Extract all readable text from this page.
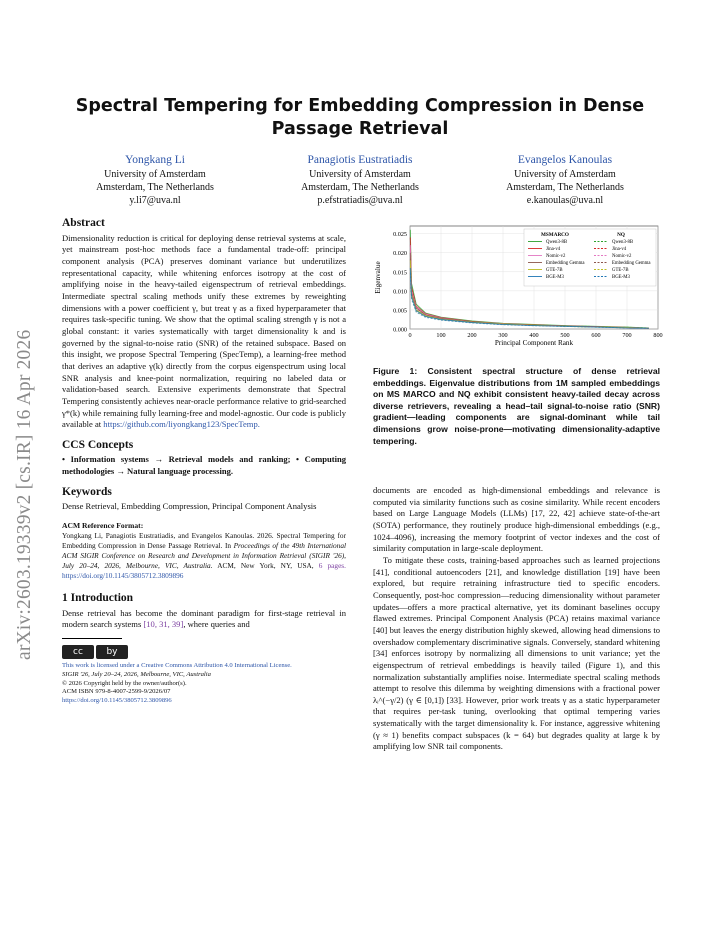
arXiv:2603.19339v2 [cs.IR] 16 Apr 2026
Spectral Tempering for Embedding Compression in Dense Passage Retrieval
Yongkang Li
University of Amsterdam
Amsterdam, The Netherlands
y.li7@uva.nl
Panagiotis Eustratiadis
University of Amsterdam
Amsterdam, The Netherlands
p.efstratiadis@uva.nl
Evangelos Kanoulas
University of Amsterdam
Amsterdam, The Netherlands
e.kanoulas@uva.nl
Abstract

Dimensionality reduction is critical for deploying dense retrieval systems at scale, yet mainstream post-hoc methods face a fundamental trade-off: principal component analysis (PCA) preserves dominant variance but underutilizes representational capacity, while whitening enforces isotropy at the cost of amplifying noise in the heavy-tailed eigenspectrum of retrieval embeddings. Intermediate spectral scaling methods unify these extremes by reweighting dimensions with a power coefficient γ, but treat γ as a fixed hyperparameter that requires task-specific tuning. We show that the optimal scaling strength γ is not a global constant: it varies systematically with target dimensionality k and is governed by the signal-to-noise ratio (SNR) of the retained subspace. Based on this insight, we propose Spectral Tempering (SpecTemp), a learning-free method that derives an adaptive γ(k) directly from the corpus eigenspectrum using local SNR analysis and knee-point normalization, requiring no labeled data or validation-based search. Extensive experiments demonstrate that Spectral Tempering consistently achieves near-oracle performance relative to grid-searched γ*(k) while remaining fully learning-free and model-agnostic. Our code is publicly available at https://github.com/liyongkang123/SpecTemp.

CCS Concepts

• Information systems → Retrieval models and ranking; • Computing methodologies → Natural language processing.

Keywords

Dense Retrieval, Embedding Compression, Principal Component Analysis

ACM Reference Format:
Yongkang Li, Panagiotis Eustratiadis, and Evangelos Kanoulas. 2026. Spectral Tempering for Embedding Compression in Dense Passage Retrieval. In Proceedings of the 49th International ACM SIGIR Conference on Research and Development in Information Retrieval (SIGIR '26), July 20–24, 2026, Melbourne, VIC, Australia. ACM, New York, NY, USA, 6 pages. https://doi.org/10.1145/3805712.3809896
1 Introduction

Dense retrieval has become the dominant paradigm for first-stage retrieval in modern search systems [10, 31, 39], where queries and

cc	by
This work is licensed under a Creative Commons Attribution 4.0 International License.
SIGIR '26, July 20–24, 2026, Melbourne, VIC, Australia
© 2026 Copyright held by the owner/author(s).
ACM ISBN 979-8-4007-2599-9/2026/07
https://doi.org/10.1145/3805712.3809896
0.000
0.005
0.010
0.015
0.020
0.025
0	100	200	300	400	500	600	700	800
Principal Component Rank
Eigenvalue
MSMARCO
Qwen3-8B
Jina-v4
Nomic-v2
Embedding Gemma
GTE-7B
BGE-M3
NQ
Qwen3-8B
Jina-v4
Nomic-v2
Embedding Gemma
GTE-7B
BGE-M3
Figure 1: Consistent spectral structure of dense retrieval embeddings. Eigenvalue distributions from 1M sampled embeddings on MS MARCO and NQ exhibit consistent heavy-tailed decay across diverse retrievers, revealing a head–tail signal-to-noise ratio (SNR) gradient—leading components are signal-dominant while tail dimensions grow noise-prone—motivating dimensionality-adaptive tempering.

documents are encoded as high-dimensional embeddings and relevance is computed via similarity functions such as cosine similarity. While recent encoders based on Large Language Models (LLMs) [17, 22, 42] achieve state-of-the-art (SOTA) performance, they routinely produce high-dimensional embeddings (e.g., 1024–4096), increasing the memory footprint of vector indexes and the cost of similarity computation in large-scale deployment.

To mitigate these costs, training-based approaches such as learned projections [41], conditional autoencoders [21], and knowledge distillation [19] have been explored, but require retraining infrastructure tied to specific encoders. Consequently, post-hoc compression—reducing dimensionality without parameter updates—offers a more practical alternative, yet its dominant baselines occupy flawed extremes. Principal Component Analysis (PCA) retains maximal variance [40] but leaves the energy distribution highly skewed, allowing head dimensions to overshadow complementary discriminative signals. Conversely, standard whitening [34] enforces isotropy by normalizing all dimensions to unit variance; yet the eigenspectrum of retrieval embeddings is heavily tailed (Figure 1), and this normalization substantially amplifies noise. Intermediate spectral scaling methods attempt to resolve this dilemma by weighting dimensions with a fractional power λᵢ^(−γ/2) (γ ∈ [0,1]) [33]. However, prior work treats γ as a static hyperparameter that requires per-task tuning, overlooking that optimal tempering varies systematically with the target dimensionality k. For instance, aggressive whitening (γ ≈ 1) benefits compact subspaces (k = 64) but degrades quality at large k by amplifying low SNR tail components.
